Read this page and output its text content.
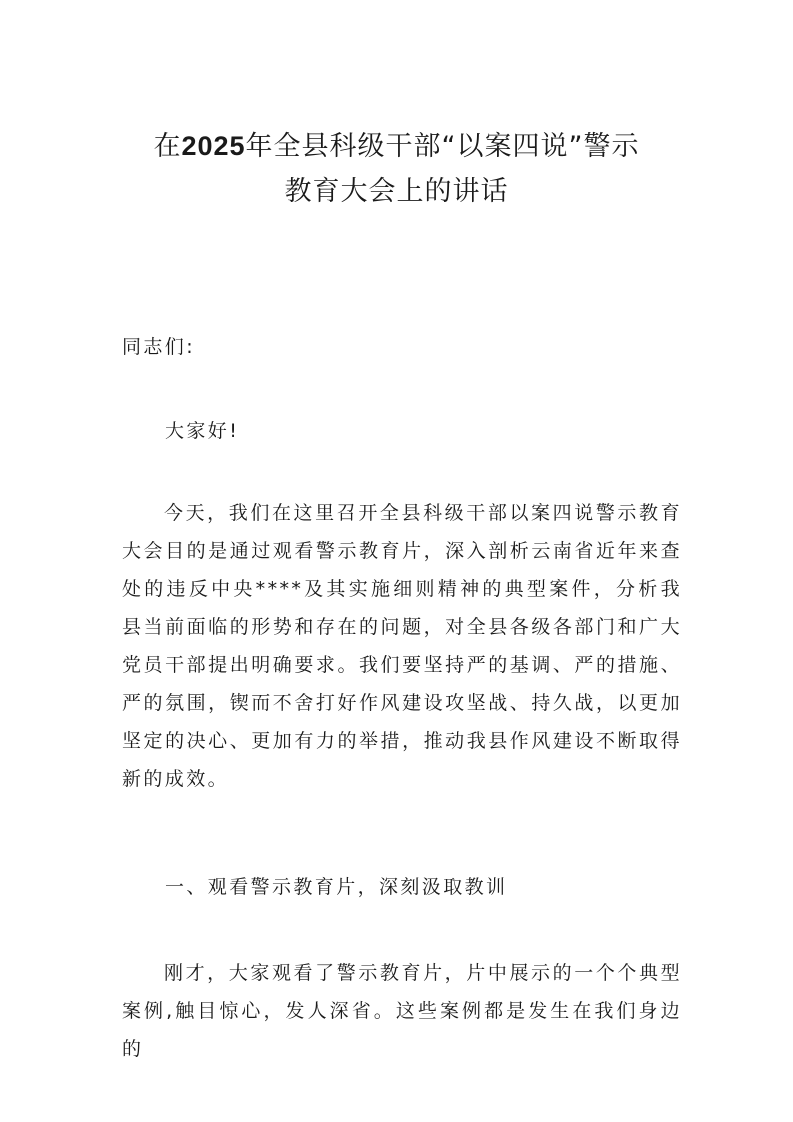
在2025年全县科级干部“以案四说”警示
教育大会上的讲话

同志们:

大家好!

今天，我们在这里召开全县科级干部以案四说警示教育大会目的是通过观看警示教育片，深入剖析云南省近年来查处的违反中央****及其实施细则精神的典型案件，分析我县当前面临的形势和存在的问题，对全县各级各部门和广大党员干部提出明确要求。我们要坚持严的基调、严的措施、严的氛围，锲而不舍打好作风建设攻坚战、持久战，以更加坚定的决心、更加有力的举措，推动我县作风建设不断取得新的成效。

一、观看警示教育片，深刻汲取教训

刚才，大家观看了警示教育片，片中展示的一个个典型案例,触目惊心，发人深省。这些案例都是发生在我们身边的
